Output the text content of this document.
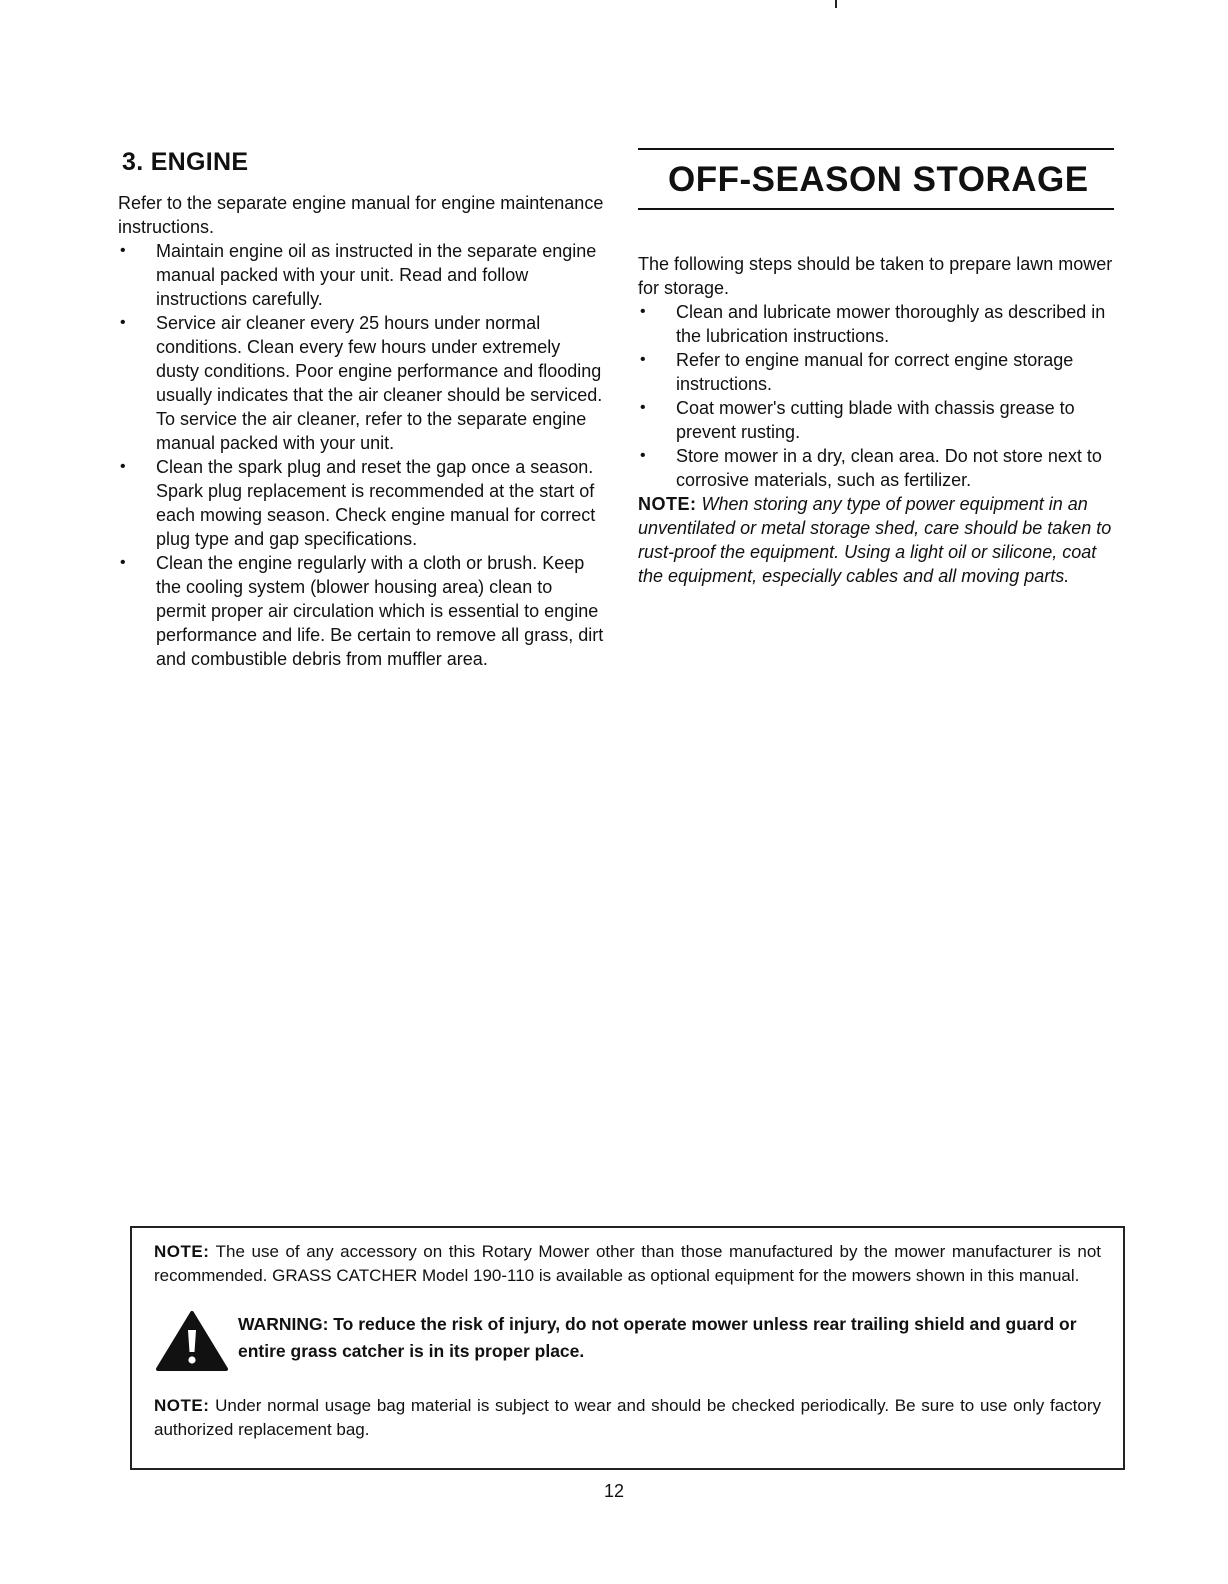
3. ENGINE

Refer to the separate engine manual for engine maintenance instructions.

• Maintain engine oil as instructed in the separate engine manual packed with your unit. Read and follow instructions carefully.
• Service air cleaner every 25 hours under normal conditions. Clean every few hours under extremely dusty conditions. Poor engine performance and flooding usually indicates that the air cleaner should be serviced. To service the air cleaner, refer to the separate engine manual packed with your unit.
• Clean the spark plug and reset the gap once a season. Spark plug replacement is recommended at the start of each mowing season. Check engine manual for correct plug type and gap specifications.
• Clean the engine regularly with a cloth or brush. Keep the cooling system (blower housing area) clean to permit proper air circulation which is essential to engine performance and life. Be certain to remove all grass, dirt and combustible debris from muffler area.
OFF-SEASON STORAGE

The following steps should be taken to prepare lawn mower for storage.

• Clean and lubricate mower thoroughly as described in the lubrication instructions.
• Refer to engine manual for correct engine storage instructions.
• Coat mower's cutting blade with chassis grease to prevent rusting.
• Store mower in a dry, clean area. Do not store next to corrosive materials, such as fertilizer.

NOTE: When storing any type of power equipment in an unventilated or metal storage shed, care should be taken to rust-proof the equipment. Using a light oil or silicone, coat the equipment, especially cables and all moving parts.

NOTE: The use of any accessory on this Rotary Mower other than those manufactured by the mower manufacturer is not recommended. GRASS CATCHER Model 190-110 is available as optional equipment for the mowers shown in this manual.

WARNING: To reduce the risk of injury, do not operate mower unless rear trailing shield and guard or entire grass catcher is in its proper place.

NOTE: Under normal usage bag material is subject to wear and should be checked periodically. Be sure to use only factory authorized replacement bag.

12
